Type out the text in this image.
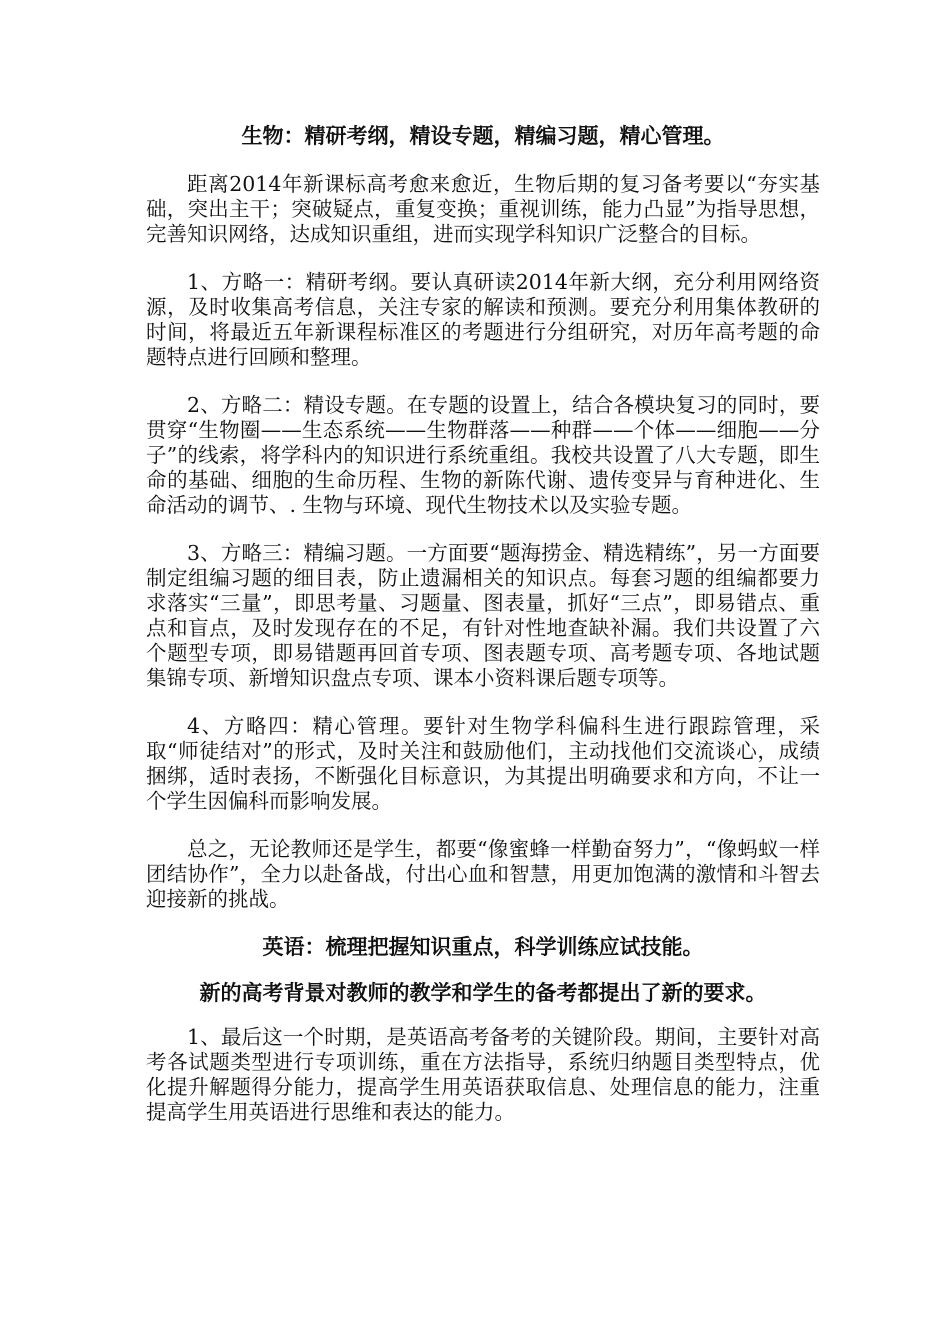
生物：精研考纲，精设专题，精编习题，精心管理。

距离2014年新课标高考愈来愈近，生物后期的复习备考要以“夯实基础，突出主干；突破疑点，重复变换；重视训练，能力凸显”为指导思想，完善知识网络，达成知识重组，进而实现学科知识广泛整合的目标。

1、方略一：精研考纲。要认真研读2014年新大纲，充分利用网络资源，及时收集高考信息，关注专家的解读和预测。要充分利用集体教研的时间，将最近五年新课程标准区的考题进行分组研究，对历年高考题的命题特点进行回顾和整理。

2、方略二：精设专题。在专题的设置上，结合各模块复习的同时，要贯穿“生物圈——生态系统——生物群落——种群——个体——细胞——分子”的线索，将学科内的知识进行系统重组。我校共设置了八大专题，即生命的基础、细胞的生命历程、生物的新陈代谢、遗传变异与育种进化、生命活动的调节、. 生物与环境、现代生物技术以及实验专题。

3、方略三：精编习题。一方面要“题海捞金、精选精练”，另一方面要制定组编习题的细目表，防止遗漏相关的知识点。每套习题的组编都要力求落实“三量”，即思考量、习题量、图表量，抓好“三点”，即易错点、重点和盲点，及时发现存在的不足，有针对性地查缺补漏。我们共设置了六个题型专项，即易错题再回首专项、图表题专项、高考题专项、各地试题集锦专项、新增知识盘点专项、课本小资料课后题专项等。

4、方略四：精心管理。要针对生物学科偏科生进行跟踪管理，采取“师徒结对”的形式，及时关注和鼓励他们，主动找他们交流谈心，成绩捆绑，适时表扬，不断强化目标意识，为其提出明确要求和方向，不让一个学生因偏科而影响发展。

总之，无论教师还是学生，都要“像蜜蜂一样勤奋努力”，“像蚂蚁一样团结协作”，全力以赴备战，付出心血和智慧，用更加饱满的激情和斗智去迎接新的挑战。

英语：梳理把握知识重点，科学训练应试技能。

新的高考背景对教师的教学和学生的备考都提出了新的要求。

1、最后这一个时期，是英语高考备考的关键阶段。期间，主要针对高考各试题类型进行专项训练，重在方法指导，系统归纳题目类型特点，优化提升解题得分能力，提高学生用英语获取信息、处理信息的能力，注重提高学生用英语进行思维和表达的能力。
